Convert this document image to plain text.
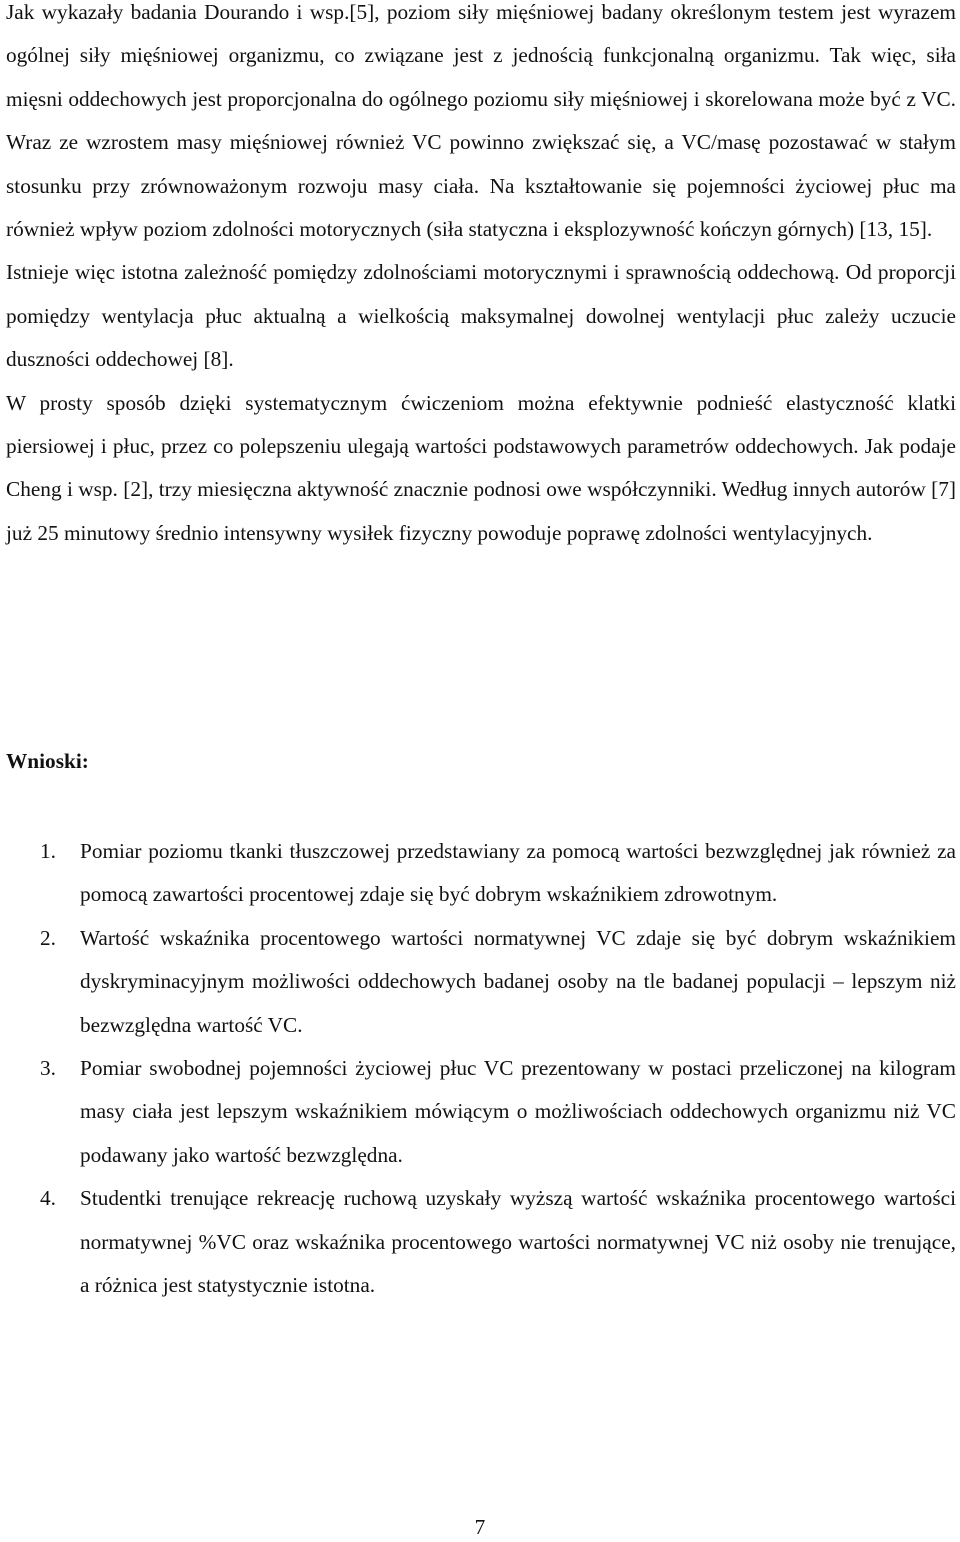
Jak wykazały badania Dourando i wsp.[5], poziom siły mięśniowej badany określonym testem jest wyrazem ogólnej siły mięśniowej organizmu, co związane jest z jednością funkcjonalną organizmu. Tak więc, siła mięsni oddechowych jest proporcjonalna do ogólnego poziomu siły mięśniowej i skorelowana może być z VC. Wraz ze wzrostem masy mięśniowej również VC powinno zwiększać się, a VC/masę pozostawać w stałym stosunku przy zrównoważonym rozwoju masy ciała. Na kształtowanie się pojemności życiowej płuc ma również wpływ poziom zdolności motorycznych (siła statyczna i eksplozywność kończyn górnych) [13, 15].

Istnieje więc istotna zależność pomiędzy zdolnościami motorycznymi i sprawnością oddechową. Od proporcji pomiędzy wentylacja płuc aktualną a wielkością maksymalnej dowolnej wentylacji płuc zależy uczucie duszności oddechowej [8].

W prosty sposób dzięki systematycznym ćwiczeniom można efektywnie podnieść elastyczność klatki piersiowej i płuc, przez co polepszeniu ulegają wartości podstawowych parametrów oddechowych. Jak podaje Cheng i wsp. [2], trzy miesięczna aktywność znacznie podnosi owe współczynniki. Według innych autorów [7] już 25 minutowy średnio intensywny wysiłek fizyczny powoduje poprawę zdolności wentylacyjnych.

Wnioski:
1. Pomiar poziomu tkanki tłuszczowej przedstawiany za pomocą wartości bezwzględnej jak również za pomocą zawartości procentowej zdaje się być dobrym wskaźnikiem zdrowotnym.

2. Wartość wskaźnika procentowego wartości normatywnej VC zdaje się być dobrym wskaźnikiem dyskryminacyjnym możliwości oddechowych badanej osoby na tle badanej populacji – lepszym niż bezwzględna wartość VC.

3. Pomiar swobodnej pojemności życiowej płuc VC prezentowany w postaci przeliczonej na kilogram masy ciała jest lepszym wskaźnikiem mówiącym o możliwościach oddechowych organizmu niż VC podawany jako wartość bezwzględna.

4. Studentki trenujące rekreację ruchową uzyskały wyższą wartość wskaźnika procentowego wartości normatywnej %VC oraz wskaźnika procentowego wartości normatywnej VC niż osoby nie trenujące, a różnica jest statystycznie istotna.

7
